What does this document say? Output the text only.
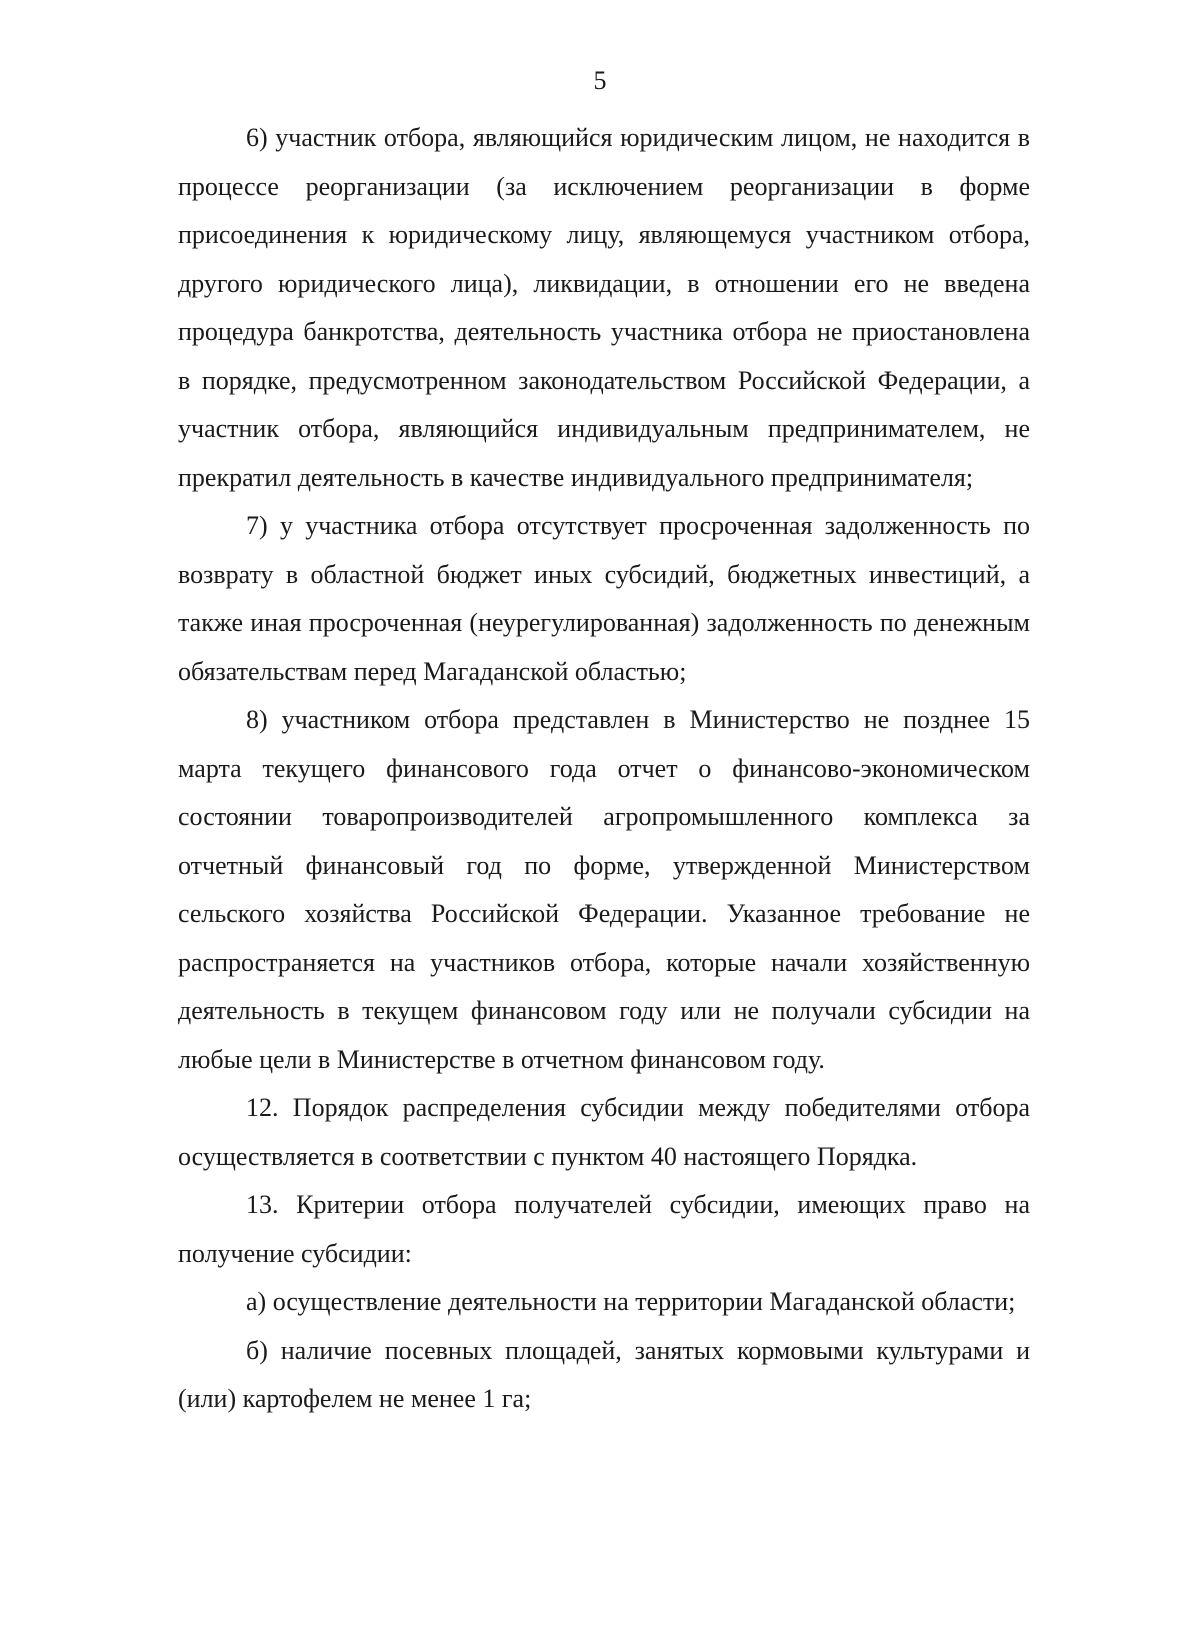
5

6) участник отбора, являющийся юридическим лицом, не находится в процессе реорганизации (за исключением реорганизации в форме присоединения к юридическому лицу, являющемуся участником отбора, другого юридического лица), ликвидации, в отношении его не введена процедура банкротства, деятельность участника отбора не приостановлена в порядке, предусмотренном законодательством Российской Федерации, а участник отбора, являющийся индивидуальным предпринимателем, не прекратил деятельность в качестве индивидуального предпринимателя;

7) у участника отбора отсутствует просроченная задолженность по возврату в областной бюджет иных субсидий, бюджетных инвестиций, а также иная просроченная (неурегулированная) задолженность по денежным обязательствам перед Магаданской областью;

8) участником отбора представлен в Министерство не позднее 15 марта текущего финансового года отчет о финансово-экономическом состоянии товаропроизводителей агропромышленного комплекса за отчетный финансовый год по форме, утвержденной Министерством сельского хозяйства Российской Федерации. Указанное требование не распространяется на участников отбора, которые начали хозяйственную деятельность в текущем финансовом году или не получали субсидии на любые цели в Министерстве в отчетном финансовом году.

12. Порядок распределения субсидии между победителями отбора осуществляется в соответствии с пунктом 40 настоящего Порядка.

13. Критерии отбора получателей субсидии, имеющих право на получение субсидии:

а) осуществление деятельности на территории Магаданской области;

б) наличие посевных площадей, занятых кормовыми культурами и (или) картофелем не менее 1 га;
